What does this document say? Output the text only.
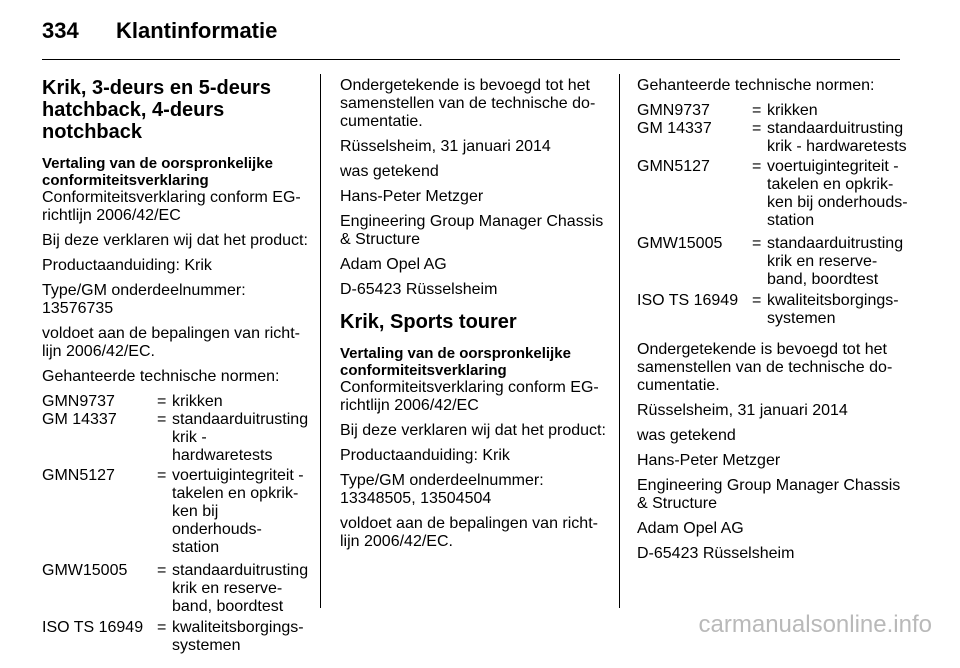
334 Klantinformatie
Krik, 3-deurs en 5-deurs
hatchback, 4-deurs notchback
Vertaling van de oorspronkelijke
conformiteitsverklaring

Conformiteitsverklaring conform EG-
richtlijn 2006/42/EC

Bij deze verklaren wij dat het product:

Productaanduiding: Krik

Type/GM onderdeelnummer:
13576735

voldoet aan de bepalingen van richt-
lijn 2006/42/EC.

Gehanteerde technische normen:

GMN9737	=	krikken
GM 14337	=	standaarduitrusting
krik - hardwaretests
GMN5127	=	voertuigintegriteit -
takelen en opkrik-
ken bij onderhouds-
station
GMW15005	=	standaarduitrusting
krik en reserve-
band, boordtest
ISO TS 16949	=	kwaliteitsborgings-
systemen

Ondergetekende is bevoegd tot het
samenstellen van de technische do-
cumentatie.

Rüsselsheim, 31 januari 2014

was getekend

Hans-Peter Metzger

Engineering Group Manager Chassis
& Structure

Adam Opel AG

D-65423 Rüsselsheim

Krik, Sports tourer
Vertaling van de oorspronkelijke
conformiteitsverklaring

Conformiteitsverklaring conform EG-
richtlijn 2006/42/EC

Bij deze verklaren wij dat het product:

Productaanduiding: Krik

Type/GM onderdeelnummer:
13348505, 13504504

voldoet aan de bepalingen van richt-
lijn 2006/42/EC.

Gehanteerde technische normen:

GMN9737	=	krikken
GM 14337	=	standaarduitrusting
krik - hardwaretests
GMN5127	=	voertuigintegriteit -
takelen en opkrik-
ken bij onderhouds-
station
GMW15005	=	standaarduitrusting
krik en reserve-
band, boordtest
ISO TS 16949	=	kwaliteitsborgings-
systemen

Ondergetekende is bevoegd tot het
samenstellen van de technische do-
cumentatie.

Rüsselsheim, 31 januari 2014

was getekend

Hans-Peter Metzger

Engineering Group Manager Chassis
& Structure

Adam Opel AG

D-65423 Rüsselsheim

carmanualsonline.info
